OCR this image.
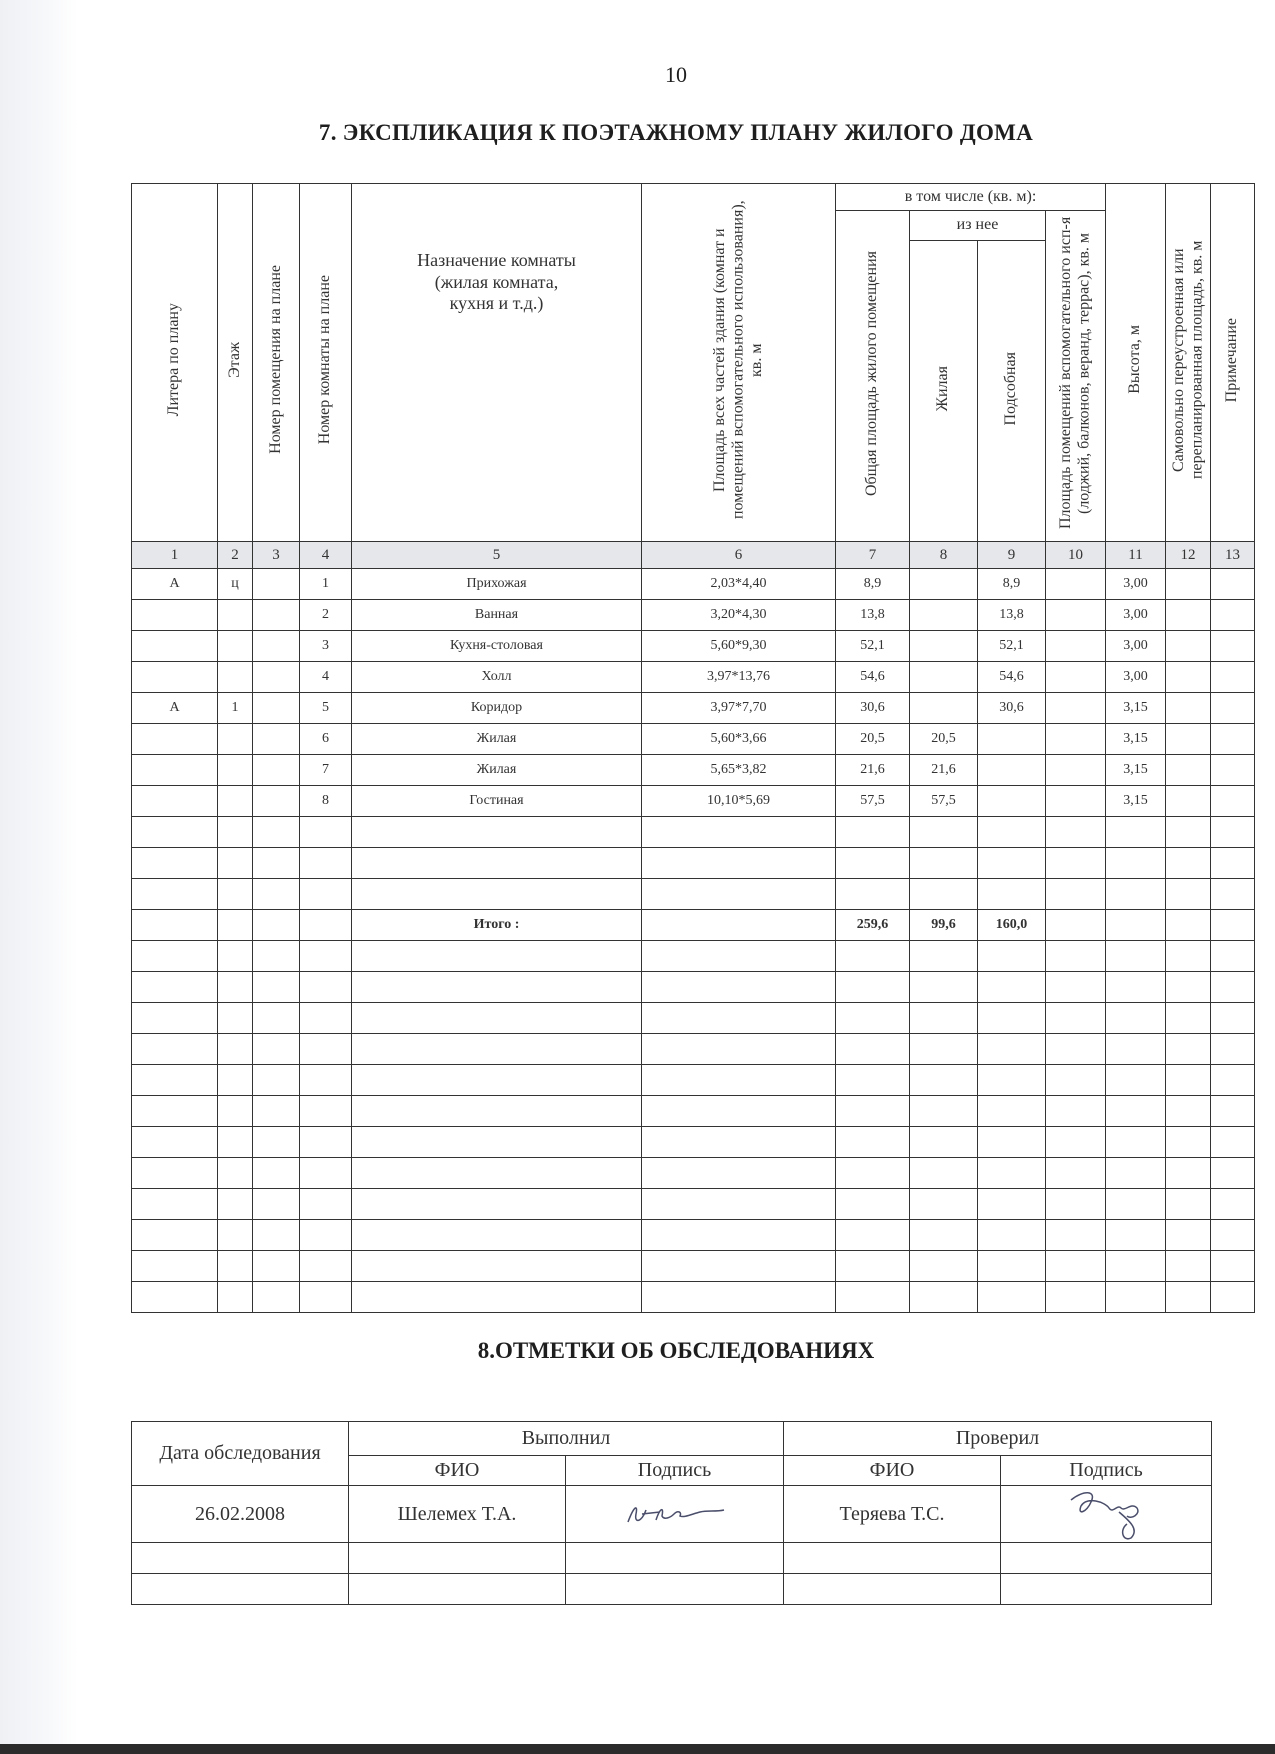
10
7. ЭКСПЛИКАЦИЯ К ПОЭТАЖНОМУ ПЛАНУ ЖИЛОГО ДОМА
Литера по плану	Этаж	Номер помещения на плане	Номер комнаты на плане	Назначение комнаты (жилая комната, кухня и т.д.)	Площадь всех частей здания (комнат и помещений вспомогательного использования), кв. м	в том числе (кв. м):				Высота, м	Самовольно переустроенная или перепланированная площадь, кв. м	Примечание
						Общая площадь жилого помещения	из нее		Площадь помещений вспомогательного исп-я (лоджий, балконов, веранд, террас), кв. м			
							Жилая	Подсобная				
1	2	3	4	5	6	7	8	9	10	11	12	13
А	ц		1	Прихожая	2,03*4,40	8,9		8,9		3,00		
			2	Ванная	3,20*4,30	13,8		13,8		3,00		
			3	Кухня-столовая	5,60*9,30	52,1		52,1		3,00		
			4	Холл	3,97*13,76	54,6		54,6		3,00		
А	1		5	Коридор	3,97*7,70	30,6		30,6		3,15		
			6	Жилая	5,60*3,66	20,5	20,5			3,15		
			7	Жилая	5,65*3,82	21,6	21,6			3,15		
			8	Гостиная	10,10*5,69	57,5	57,5			3,15		

				Итого :		259,6	99,6	160,0				

8.ОТМЕТКИ ОБ ОБСЛЕДОВАНИЯХ
Дата обследования	Выполнил		Проверил	
	ФИО	Подпись	ФИО	Подпись
26.02.2008	Шелемех Т.А.		Теряева Т.С.	
